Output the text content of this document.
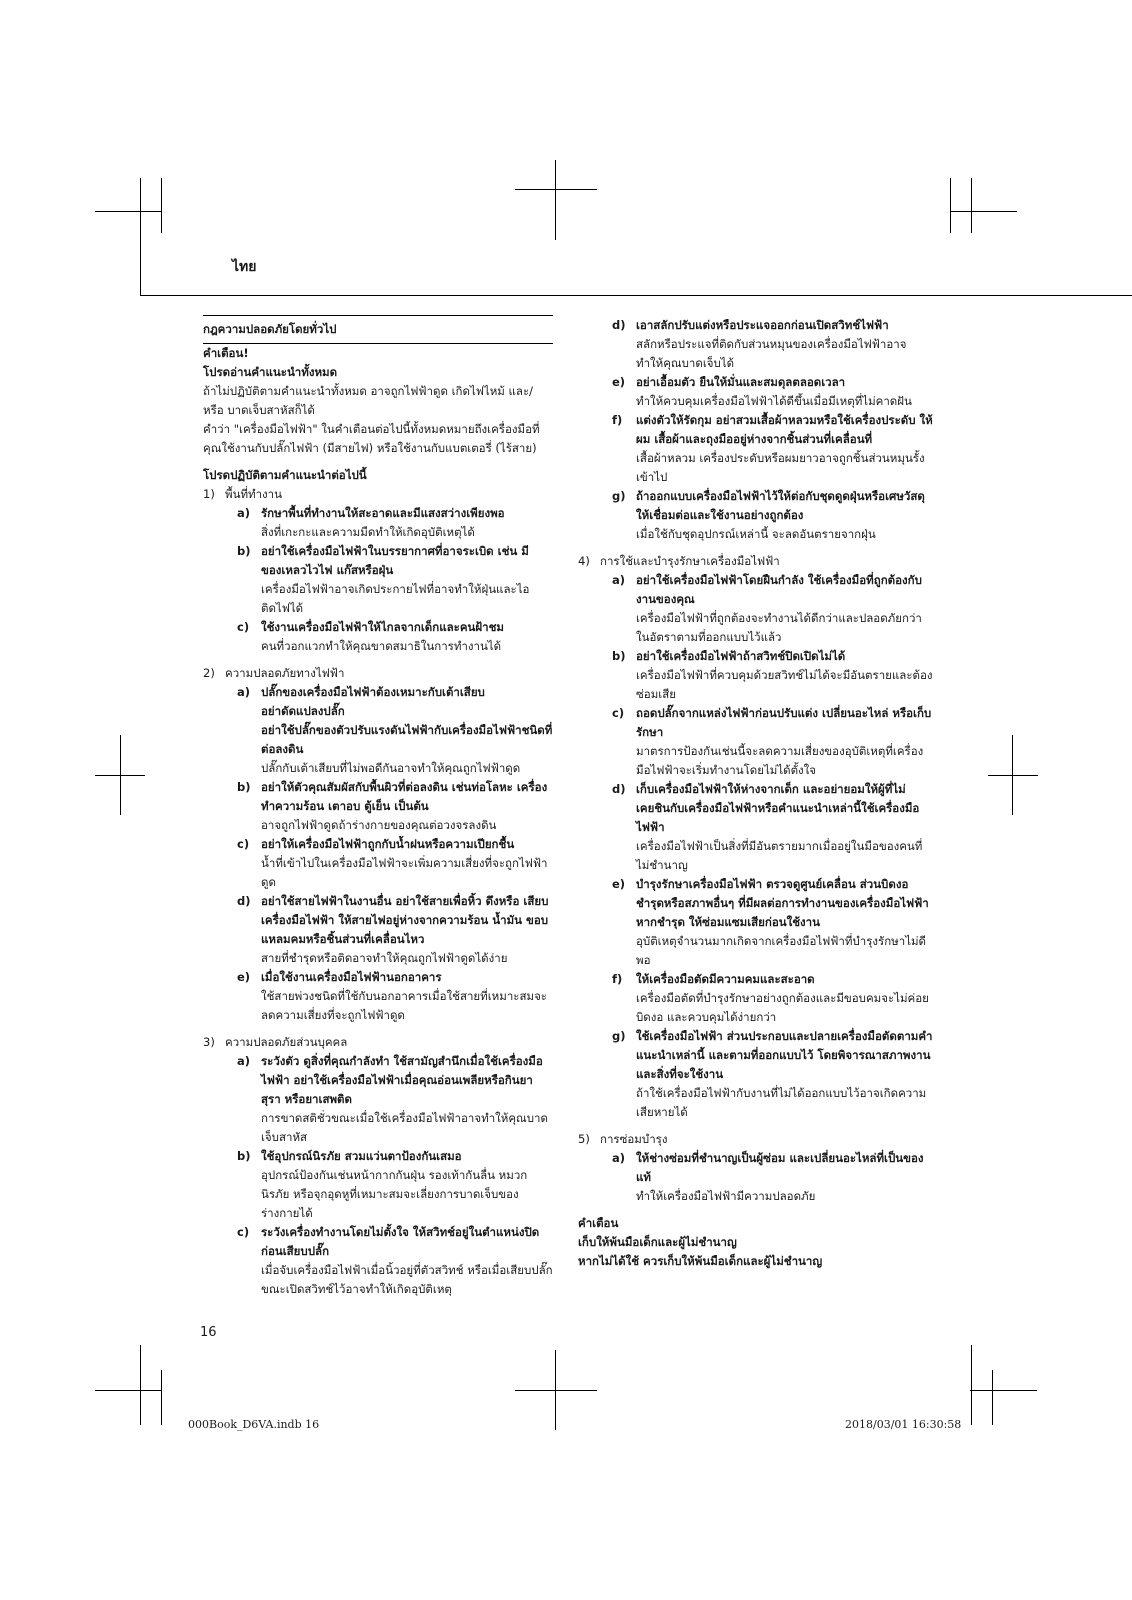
ไทย

กฎความปลอดภัยโดยทั่วไป

คำเตือน!

โปรดอ่านคำแนะนำทั้งหมด

ถ้าไม่ปฏิบัติตามคำแนะนำทั้งหมด อาจถูกไฟฟ้าดูด เกิดไฟไหม้ และ/หรือ บาดเจ็บสาหัสก็ได้

คำว่า "เครื่องมือไฟฟ้า" ในคำเตือนต่อไปนี้ทั้งหมดหมายถึงเครื่องมือที่คุณใช้งานกับปลั๊กไฟฟ้า (มีสายไฟ) หรือใช้งานกับแบตเตอรี่ (ไร้สาย)

โปรดปฏิบัติตามคำแนะนำต่อไปนี้

1) พื้นที่ทำงาน

a) รักษาพื้นที่ทำงานให้สะอาดและมีแสงสว่างเพียงพอ

สิ่งที่เกะกะและความมืดทำให้เกิดอุบัติเหตุได้

b) อย่าใช้เครื่องมือไฟฟ้าในบรรยากาศที่อาจระเบิด เช่น มีของเหลวไวไฟ แก๊สหรือฝุ่น

เครื่องมือไฟฟ้าอาจเกิดประกายไฟที่อาจทำให้ฝุ่นและไอติดไฟได้

c) ใช้งานเครื่องมือไฟฟ้าให้ไกลจากเด็กและคนฝ้าชม

คนที่วอกแวกทำให้คุณขาดสมาธิในการทำงานได้

2) ความปลอดภัยทางไฟฟ้า

a) ปลั๊กของเครื่องมือไฟฟ้าต้องเหมาะกับเต้าเสียบ

อย่าดัดแปลงปลั๊ก

อย่าใช้ปลั๊กของตัวปรับแรงดันไฟฟ้ากับเครื่องมือไฟฟ้าชนิดที่ต่อลงดิน

ปลั๊กกับเต้าเสียบที่ไม่พอดีกันอาจทำให้คุณถูกไฟฟ้าดูด

b) อย่าให้ตัวคุณสัมผัสกับพื้นผิวที่ต่อลงดิน เช่นท่อโลหะ เครื่องทำความร้อน เตาอบ ตู้เย็น เป็นต้น

อาจถูกไฟฟ้าดูดถ้าร่างกายของคุณต่อวงจรลงดิน

c) อย่าให้เครื่องมือไฟฟ้าถูกกับน้ำฝนหรือความเปียกชื้น

น้ำที่เข้าไปในเครื่องมือไฟฟ้าจะเพิ่มความเสี่ยงที่จะถูกไฟฟ้าดูด

d) อย่าใช้สายไฟฟ้าในงานอื่น อย่าใช้สายเพื่อหิ้ว ดึงหรือ เสียบเครื่องมือไฟฟ้า ให้สายไฟอยู่ห่างจากความร้อน น้ำมัน ขอบแหลมคมหรือชิ้นส่วนที่เคลื่อนไหว

สายที่ชำรุดหรือติดอาจทำให้คุณถูกไฟฟ้าดูดได้ง่าย

e) เมื่อใช้งานเครื่องมือไฟฟ้านอกอาคาร

ใช้สายพ่วงชนิดที่ใช้กับนอกอาคารเมื่อใช้สายที่เหมาะสมจะลดความเสี่ยงที่จะถูกไฟฟ้าดูด

3) ความปลอดภัยส่วนบุคคล

a) ระวังตัว ดูสิ่งที่คุณกำลังทำ ใช้สามัญสำนึกเมื่อใช้เครื่องมือไฟฟ้า อย่าใช้เครื่องมือไฟฟ้าเมื่อคุณอ่อนเพลียหรือกินยา สุรา หรือยาเสพติด

การขาดสติชั่วขณะเมื่อใช้เครื่องมือไฟฟ้าอาจทำให้คุณบาดเจ็บสาหัส

b) ใช้อุปกรณ์นิรภัย สวมแว่นตาป้องกันเสมอ

อุปกรณ์ป้องกันเช่นหน้ากากกันฝุ่น รองเท้ากันลื่น หมวกนิรภัย หรือจุกอุดหูที่เหมาะสมจะเลี่ยงการบาดเจ็บของร่างกายได้

c) ระวังเครื่องทำงานโดยไม่ตั้งใจ ให้สวิทช์อยู่ในตำแหน่งปิดก่อนเสียบปลั๊ก

เมื่อจับเครื่องมือไฟฟ้าเมื่อนิ้วอยู่ที่ตัวสวิทช์ หรือเมื่อเสียบปลั๊กขณะเปิดสวิทช์ไว้อาจทำให้เกิดอุบัติเหตุ

d) เอาสลักปรับแต่งหรือประแจออกก่อนเปิดสวิทช์ไฟฟ้า

สลักหรือประแจที่ติดกับส่วนหมุนของเครื่องมือไฟฟ้าอาจทำให้คุณบาดเจ็บได้

e) อย่าเอื้อมตัว ยืนให้มั่นและสมดุลตลอดเวลา

ทำให้ควบคุมเครื่องมือไฟฟ้าได้ดีขึ้นเมื่อมีเหตุที่ไม่คาดฝัน

f) แต่งตัวให้รัดกุม อย่าสวมเสื้อผ้าหลวมหรือใช้เครื่องประดับ ให้ผม เสื้อผ้าและถุงมืออยู่ห่างจากชิ้นส่วนที่เคลื่อนที่

เสื้อผ้าหลวม เครื่องประดับหรือผมยาวอาจถูกชิ้นส่วนหมุนรั้งเข้าไป

g) ถ้าออกแบบเครื่องมือไฟฟ้าไว้ให้ต่อกับชุดดูดฝุ่นหรือเศษวัสดุ ให้เชื่อมต่อและใช้งานอย่างถูกต้อง

เมื่อใช้กับชุดอุปกรณ์เหล่านี้ จะลดอันตรายจากฝุ่น

4) การใช้และบำรุงรักษาเครื่องมือไฟฟ้า

a) อย่าใช้เครื่องมือไฟฟ้าโดยฝืนกำลัง ใช้เครื่องมือที่ถูกต้องกับงานของคุณ

เครื่องมือไฟฟ้าที่ถูกต้องจะทำงานได้ดีกว่าและปลอดภัยกว่า ในอัตราตามที่ออกแบบไว้แล้ว

b) อย่าใช้เครื่องมือไฟฟ้าถ้าสวิทช์ปิดเปิดไม่ได้

เครื่องมือไฟฟ้าที่ควบคุมด้วยสวิทช์ไม่ได้จะมีอันตรายและต้องซ่อมเสีย

c) ถอดปลั๊กจากแหล่งไฟฟ้าก่อนปรับแต่ง เปลี่ยนอะไหล่ หรือเก็บรักษา

มาตรการป้องกันเช่นนี้จะลดความเสี่ยงของอุบัติเหตุที่เครื่องมือไฟฟ้าจะเริ่มทำงานโดยไม่ได้ตั้งใจ

d) เก็บเครื่องมือไฟฟ้าให้ห่างจากเด็ก และอย่ายอมให้ผู้ที่ไม่เคยชินกับเครื่องมือไฟฟ้าหรือคำแนะนำเหล่านี้ใช้เครื่องมือไฟฟ้า

เครื่องมือไฟฟ้าเป็นสิ่งที่มีอันตรายมากเมื่ออยู่ในมือของคนที่ไม่ชำนาญ

e) บำรุงรักษาเครื่องมือไฟฟ้า ตรวจดูศูนย์เคลื่อน ส่วนบิดงอ ชำรุดหรือสภาพอื่นๆ ที่มีผลต่อการทำงานของเครื่องมือไฟฟ้า

หากชำรุด ให้ซ่อมแซมเสียก่อนใช้งาน

อุบัติเหตุจำนวนมากเกิดจากเครื่องมือไฟฟ้าที่บำรุงรักษาไม่ดีพอ

f) ให้เครื่องมือตัดมีความคมและสะอาด

เครื่องมือตัดที่บำรุงรักษาอย่างถูกต้องและมีขอบคมจะไม่ค่อยบิดงอ และควบคุมได้ง่ายกว่า

g) ใช้เครื่องมือไฟฟ้า ส่วนประกอบและปลายเครื่องมือตัดตามคำแนะนำเหล่านี้ และตามที่ออกแบบไว้ โดยพิจารณาสภาพงานและสิ่งที่จะใช้งาน

ถ้าใช้เครื่องมือไฟฟ้ากับงานที่ไม่ได้ออกแบบไว้อาจเกิดความเสียหายได้

5) การซ่อมบำรุง

a) ให้ช่างซ่อมที่ชำนาญเป็นผู้ซ่อม และเปลี่ยนอะไหล่ที่เป็นของแท้

ทำให้เครื่องมือไฟฟ้ามีความปลอดภัย

คำเตือน

เก็บให้พ้นมือเด็กและผู้ไม่ชำนาญ

หากไม่ได้ใช้ ควรเก็บให้พ้นมือเด็กและผู้ไม่ชำนาญ

16
000Book_D6VA.indb 16	2018/03/01 16:30:58
